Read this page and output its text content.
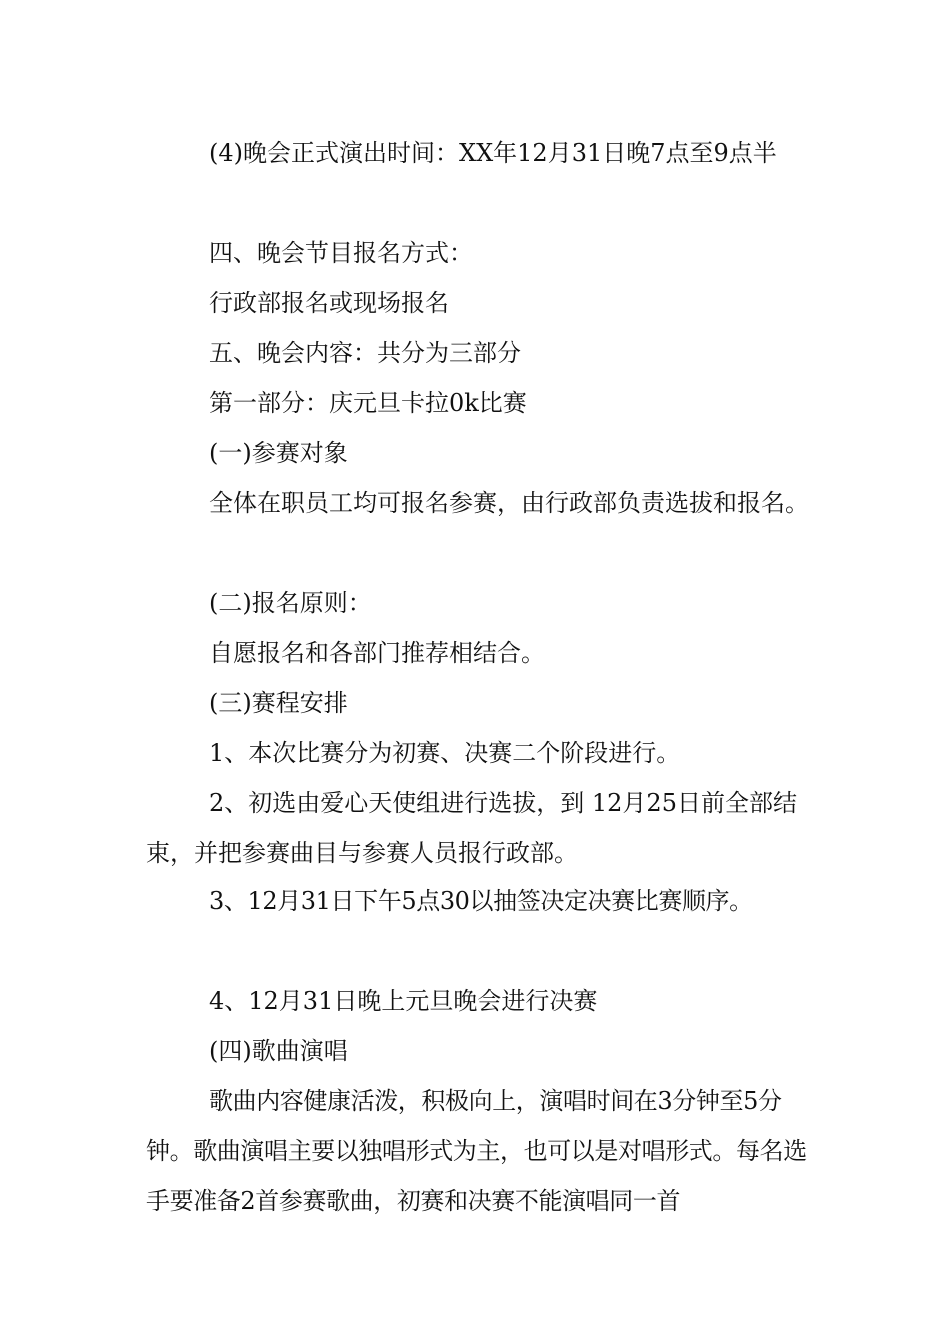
(4)晚会正式演出时间：XX年12月31日晚7点至9点半

四、晚会节目报名方式：

行政部报名或现场报名

五、晚会内容：共分为三部分

第一部分：庆元旦卡拉0k比赛

(一)参赛对象

全体在职员工均可报名参赛，由行政部负责选拔和报名。

(二)报名原则：

自愿报名和各部门推荐相结合。

(三)赛程安排

1、本次比赛分为初赛、决赛二个阶段进行。

2、初选由爱心天使组进行选拔，到 12月25日前全部结束，并把参赛曲目与参赛人员报行政部。

3、12月31日下午5点30以抽签决定决赛比赛顺序。

4、12月31日晚上元旦晚会进行决赛

(四)歌曲演唱

歌曲内容健康活泼，积极向上，演唱时间在3分钟至5分钟。歌曲演唱主要以独唱形式为主，也可以是对唱形式。每名选手要准备2首参赛歌曲，初赛和决赛不能演唱同一首
